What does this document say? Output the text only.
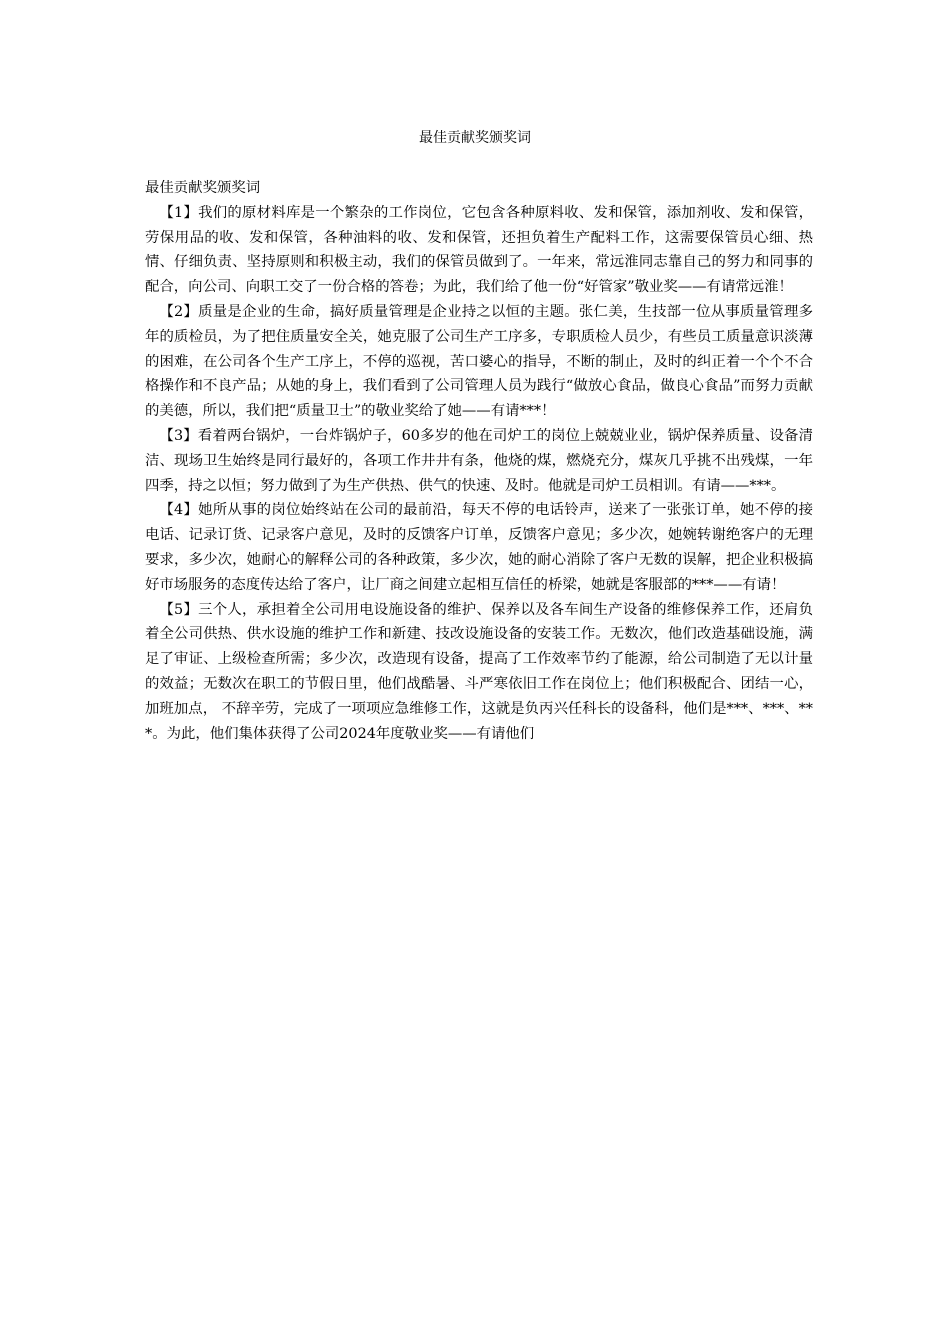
最佳贡献奖颁奖词

最佳贡献奖颁奖词

【1】我们的原材料库是一个繁杂的工作岗位，它包含各种原料收、发和保管，添加剂收、发和保管，劳保用品的收、发和保管，各种油料的收、发和保管，还担负着生产配料工作，这需要保管员心细、热情、仔细负责、坚持原则和积极主动，我们的保管员做到了。一年来，常远淮同志靠自己的努力和同事的配合，向公司、向职工交了一份合格的答卷；为此，我们给了他一份“好管家”敬业奖——有请常远淮！

【2】质量是企业的生命，搞好质量管理是企业持之以恒的主题。张仁美，生技部一位从事质量管理多年的质检员，为了把住质量安全关，她克服了公司生产工序多，专职质检人员少，有些员工质量意识淡薄的困难，在公司各个生产工序上，不停的巡视，苦口婆心的指导，不断的制止，及时的纠正着一个个不合格操作和不良产品；从她的身上，我们看到了公司管理人员为践行“做放心食品，做良心食品”而努力贡献的美德，所以，我们把“质量卫士”的敬业奖给了她——有请***！

【3】看着两台锅炉，一台炸锅炉子，60多岁的他在司炉工的岗位上兢兢业业，锅炉保养质量、设备清洁、现场卫生始终是同行最好的，各项工作井井有条，他烧的煤，燃烧充分，煤灰几乎挑不出残煤，一年四季，持之以恒；努力做到了为生产供热、供气的快速、及时。他就是司炉工员相训。有请——***。

【4】她所从事的岗位始终站在公司的最前沿，每天不停的电话铃声，送来了一张张订单，她不停的接电话、记录订货、记录客户意见，及时的反馈客户订单，反馈客户意见；多少次，她婉转谢绝客户的无理要求，多少次，她耐心的解释公司的各种政策，多少次，她的耐心消除了客户无数的误解，把企业积极搞好市场服务的态度传达给了客户，让厂商之间建立起相互信任的桥梁，她就是客服部的***——有请！

【5】三个人，承担着全公司用电设施设备的维护、保养以及各车间生产设备的维修保养工作，还肩负着全公司供热、供水设施的维护工作和新建、技改设施设备的安装工作。无数次，他们改造基础设施，满足了审证、上级检查所需；多少次，改造现有设备，提高了工作效率节约了能源，给公司制造了无以计量的效益；无数次在职工的节假日里，他们战酷暑、斗严寒依旧工作在岗位上；他们积极配合、团结一心，加班加点， 不辞辛劳，完成了一项项应急维修工作，这就是负丙兴任科长的设备科，他们是***、***、***。为此，他们集体获得了公司2024年度敬业奖——有请他们
